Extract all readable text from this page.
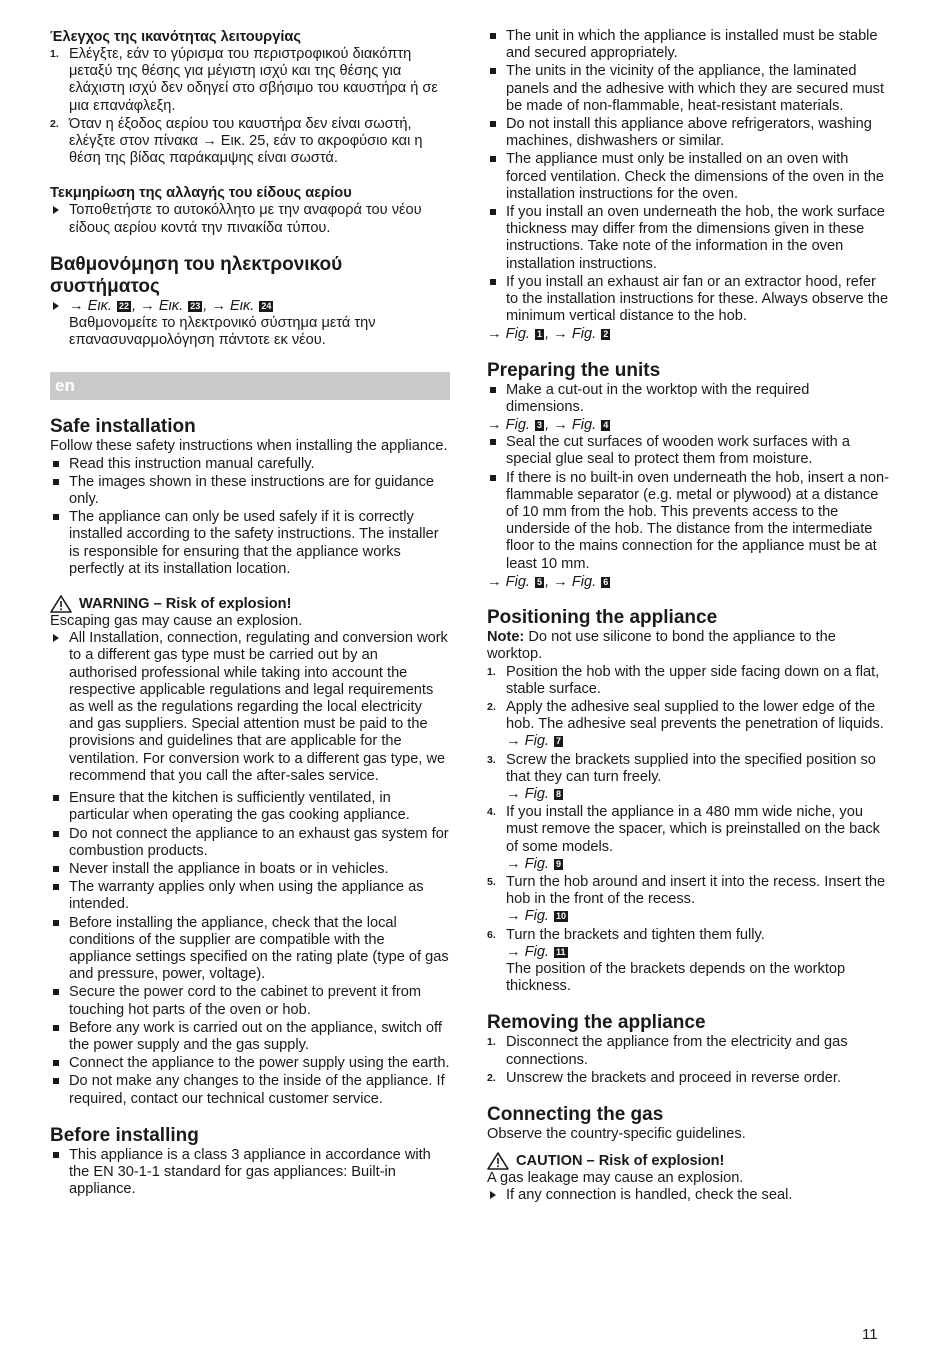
Έλεγχος της ικανότητας λειτουργίας

1. Ελέγξτε, εάν το γύρισμα του περιστροφικού διακόπτη μεταξύ της θέσης για μέγιστη ισχύ και της θέσης για ελάχιστη ισχύ δεν οδηγεί στο σβήσιμο του καυστήρα ή σε μια επανάφλεξη.
2. Όταν η έξοδος αερίου του καυστήρα δεν είναι σωστή, ελέγξτε στον πίνακα → Εικ. 25, εάν το ακροφύσιο και η θέση της βίδας παράκαμψης είναι σωστά.

Τεκμηρίωση της αλλαγής του είδους αερίου

Τοποθετήστε το αυτοκόλλητο με την αναφορά του νέου είδους αερίου κοντά την πινακίδα τύπου.

Βαθμονόμηση του ηλεκτρονικού συστήματος

→ Εικ. 22 , → Εικ. 23 , → Εικ. 24
Βαθμονομείτε το ηλεκτρονικό σύστημα μετά την επανασυναρμολόγηση πάντοτε εκ νέου.

en

Safe installation

Follow these safety instructions when installing the appliance.

Read this instruction manual carefully.
The images shown in these instructions are for guidance only.
The appliance can only be used safely if it is correctly installed according to the safety instructions. The installer is responsible for ensuring that the appliance works perfectly at its installation location.
WARNING – Risk of explosion!

Escaping gas may cause an explosion.

All Installation, connection, regulating and conversion work to a different gas type must be carried out by an authorised professional while taking into account the respective applicable regulations and legal requirements as well as the regulations regarding the local electricity and gas suppliers. Special attention must be paid to the provisions and guidelines that are applicable for the ventilation. For conversion work to a different gas type, we recommend that you call the after-sales service.
Ensure that the kitchen is sufficiently ventilated, in particular when operating the gas cooking appliance.
Do not connect the appliance to an exhaust gas system for combustion products.
Never install the appliance in boats or in vehicles.
The warranty applies only when using the appliance as intended.
Before installing the appliance, check that the local conditions of the supplier are compatible with the appliance settings specified on the rating plate (type of gas and pressure, power, voltage).
Secure the power cord to the cabinet to prevent it from touching hot parts of the oven or hob.
Before any work is carried out on the appliance, switch off the power supply and the gas supply.
Connect the appliance to the power supply using the earth.
Do not make any changes to the inside of the appliance. If required, contact our technical customer service.

Before installing

This appliance is a class 3 appliance in accordance with the EN 30-1-1 standard for gas appliances: Built-in appliance.
The unit in which the appliance is installed must be stable and secured appropriately.
The units in the vicinity of the appliance, the laminated panels and the adhesive with which they are secured must be made of non-flammable, heat-resistant materials.
Do not install this appliance above refrigerators, washing machines, dishwashers or similar.
The appliance must only be installed on an oven with forced ventilation. Check the dimensions of the oven in the installation instructions for the oven.
If you install an oven underneath the hob, the work surface thickness may differ from the dimensions given in these instructions. Take note of the information in the oven installation instructions.
If you install an exhaust air fan or an extractor hood, refer to the installation instructions for these. Always observe the minimum vertical distance to the hob.

→ Fig. 1 , → Fig. 2

Preparing the units

Make a cut-out in the worktop with the required dimensions.

→ Fig. 3 , → Fig. 4

Seal the cut surfaces of wooden work surfaces with a special glue seal to protect them from moisture.
If there is no built-in oven underneath the hob, insert a non-flammable separator (e.g. metal or plywood) at a distance of 10 mm from the hob. This prevents access to the underside of the hob. The distance from the intermediate floor to the mains connection for the appliance must be at least 10 mm.

→ Fig. 5 , → Fig. 6

Positioning the appliance

Note: Do not use silicone to bond the appliance to the worktop.

1. Position the hob with the upper side facing down on a flat, stable surface.
2. Apply the adhesive seal supplied to the lower edge of the hob. The adhesive seal prevents the penetration of liquids.
→ Fig. 7
3. Screw the brackets supplied into the specified position so that they can turn freely.
→ Fig. 8
4. If you install the appliance in a 480 mm wide niche, you must remove the spacer, which is preinstalled on the back of some models.
→ Fig. 9
5. Turn the hob around and insert it into the recess. Insert the hob in the front of the recess.
→ Fig. 10
6. Turn the brackets and tighten them fully.
→ Fig. 11
The position of the brackets depends on the worktop thickness.

Removing the appliance

1. Disconnect the appliance from the electricity and gas connections.
2. Unscrew the brackets and proceed in reverse order.

Connecting the gas

Observe the country-specific guidelines.

CAUTION – Risk of explosion!

A gas leakage may cause an explosion.

If any connection is handled, check the seal.
11
